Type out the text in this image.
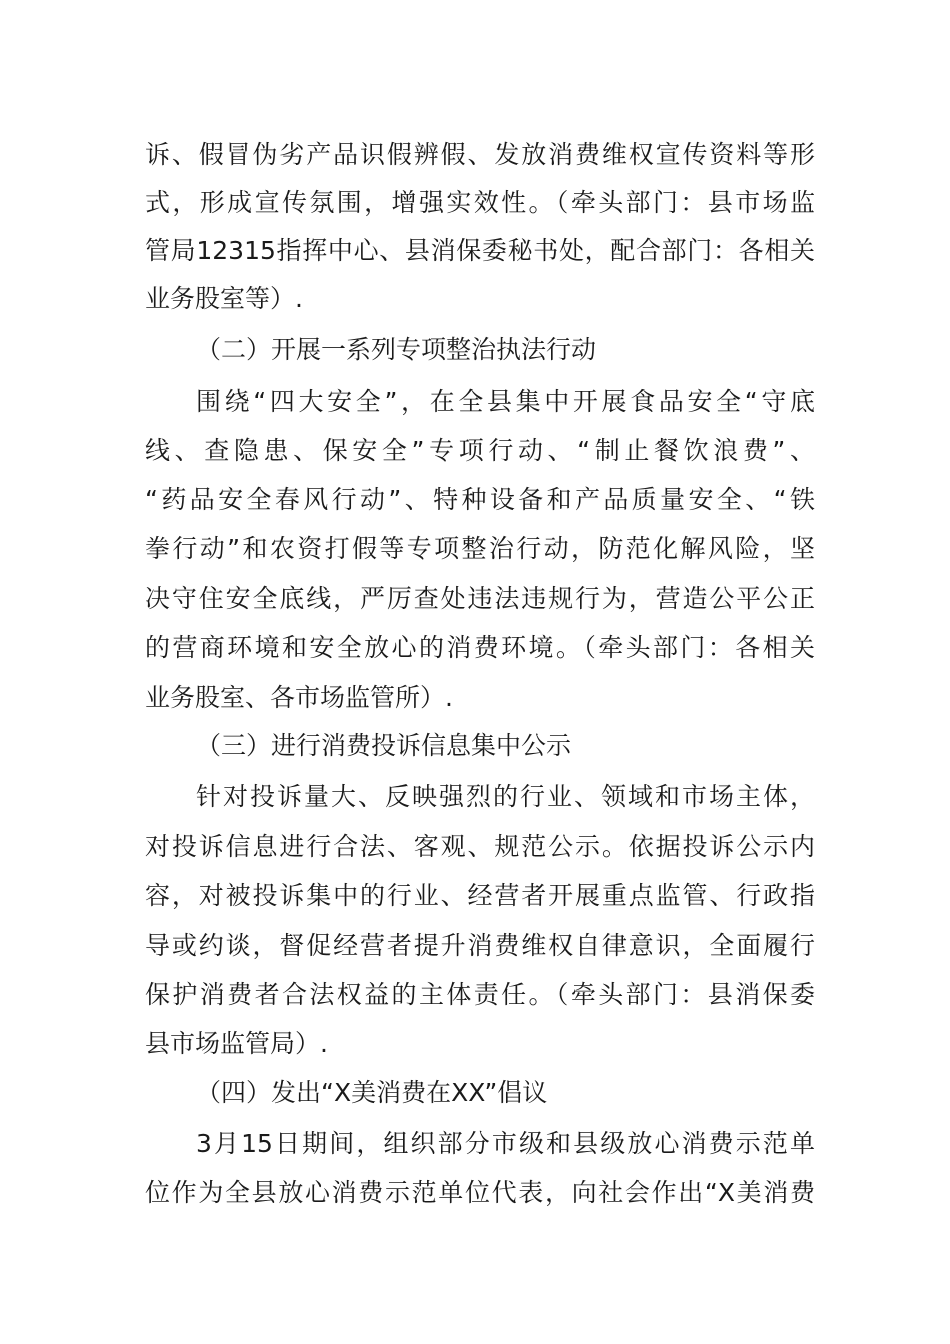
诉、假冒伪劣产品识假辨假、发放消费维权宣传资料等形
式，形成宣传氛围，增强实效性。（牵头部门：县市场监
管局12315指挥中心、县消保委秘书处，配合部门：各相关
业务股室等）.
（二）开展一系列专项整治执法行动
围绕“四大安全”，在全县集中开展食品安全“守底
线、查隐患、保安全”专项行动、“制止餐饮浪费”、
“药品安全春风行动”、特种设备和产品质量安全、“铁
拳行动”和农资打假等专项整治行动，防范化解风险，坚
决守住安全底线，严厉查处违法违规行为，营造公平公正
的营商环境和安全放心的消费环境。（牵头部门：各相关
业务股室、各市场监管所）.
（三）进行消费投诉信息集中公示
针对投诉量大、反映强烈的行业、领域和市场主体，
对投诉信息进行合法、客观、规范公示。依据投诉公示内
容，对被投诉集中的行业、经营者开展重点监管、行政指
导或约谈，督促经营者提升消费维权自律意识，全面履行
保护消费者合法权益的主体责任。（牵头部门：县消保委
县市场监管局）.
（四）发出“X美消费在XX”倡议
3月15日期间，组织部分市级和县级放心消费示范单
位作为全县放心消费示范单位代表，向社会作出“X美消费
